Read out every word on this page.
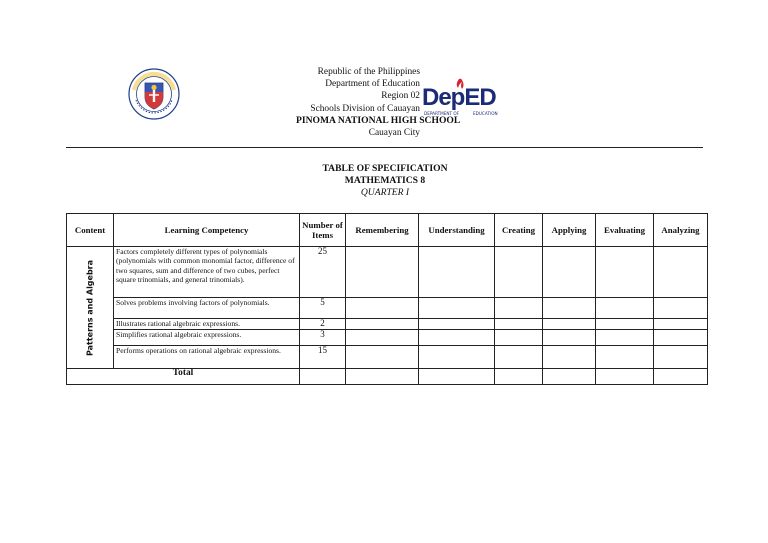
Republic of the Philippines
Department of Education
Region 02
Schools Division of Cauayan
PINOMA NATIONAL HIGH SCHOOL
Cauayan City
DepED
DEPARTMENT OF	EDUCATION
TABLE OF SPECIFICATION
MATHEMATICS 8
QUARTER I
Content	Learning Competency	Number of Items	Remembering	Understanding	Creating	Applying	Evaluating	Analyzing

Patterns and Algebra	Factors completely different types of polynomials (polynomials with common monomial factor, difference of two squares, sum and difference of two cubes, perfect square trinomials, and general trinomials).	25						
	Solves problems involving factors of polynomials.	5						
	Illustrates rational algebraic expressions.	2						
	Simplifies rational algebraic expressions.	3						
	Performs operations on rational algebraic expressions.	15						
Total								
